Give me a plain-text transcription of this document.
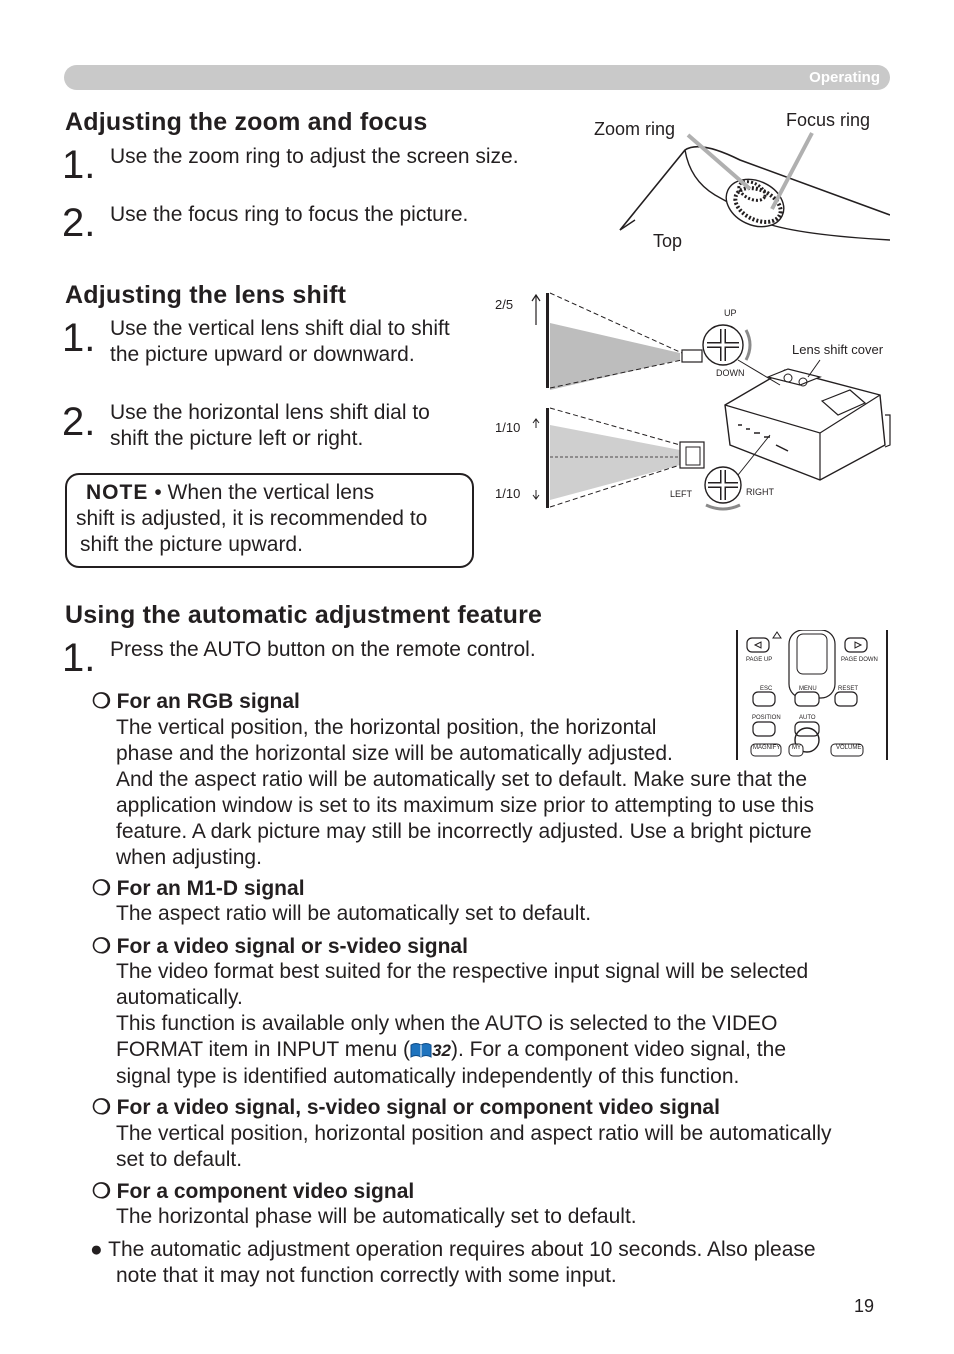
Operating
Adjusting the zoom and focus
1. Use the zoom ring to adjust the screen size.
2. Use the focus ring to focus the picture.
Zoom ring	Focus ring
Top
Adjusting the lens shift
1. Use the vertical lens shift dial to shift
the picture upward or downward.
2. Use the horizontal lens shift dial to
shift the picture left or right.
NOTE • When the vertical lens
shift is adjusted, it is recommended to
shift the picture upward.
2/5
1/10
1/10
UP
DOWN
LEFT	RIGHT
Lens shift cover
Using the automatic adjustment feature
1. Press the AUTO button on the remote control.	PAGE UP	PAGE DOWN
ESC	MENU	RESET
POSITION	AUTO
MAGNIFY MY	VOLUME
❍ For an RGB signal
The vertical position, the horizontal position, the horizontal
phase and the horizontal size will be automatically adjusted.
And the aspect ratio will be automatically set to default. Make sure that the
application window is set to its maximum size prior to attempting to use this
feature. A dark picture may still be incorrectly adjusted. Use a bright picture
when adjusting.
❍ For an M1-D signal
The aspect ratio will be automatically set to default.
❍ For a video signal or s-video signal
The video format best suited for the respective input signal will be selected
automatically.
This function is available only when the AUTO is selected to the VIDEO
FORMAT item in INPUT menu ( 32). For a component video signal, the
signal type is identified automatically independently of this function.
❍ For a video signal, s-video signal or component video signal
The vertical position, horizontal position and aspect ratio will be automatically
set to default.
❍ For a component video signal
The horizontal phase will be automatically set to default.
● The automatic adjustment operation requires about 10 seconds. Also please
note that it may not function correctly with some input.
19
